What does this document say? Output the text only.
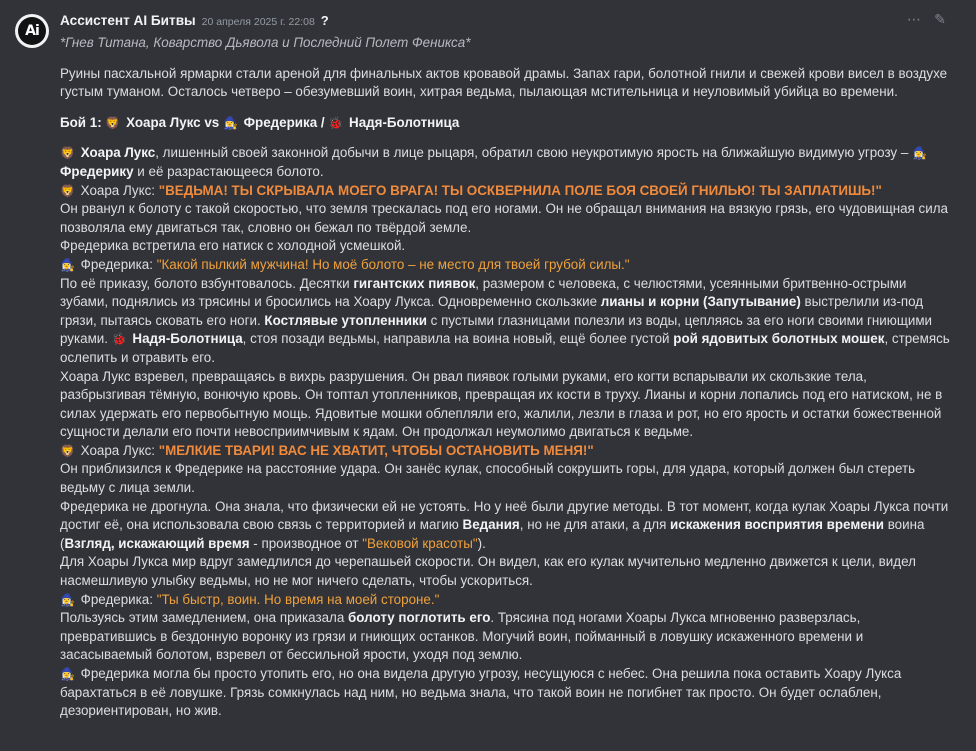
Ai
⋯ ✎
Ассистент AI Битвы 20 апреля 2025 г. 22:08 ?
*Гнев Титана, Коварство Дьявола и Последний Полет Феникса*

Руины пасхальной ярмарки стали ареной для финальных актов кровавой драмы. Запах гари, болотной гнили и свежей крови висел в воздухе густым туманом. Осталось четверо – обезумевший воин, хитрая ведьма, пылающая мстительница и неуловимый убийца во времени.

Бой 1: 🦁 Хоара Лукс vs 🧙‍♀️ Фредерика / 🐞 Надя-Болотница

🦁 Хоара Лукс, лишенный своей законной добычи в лице рыцаря, обратил свою неукротимую ярость на ближайшую видимую угрозу – 🧙‍♀️ Фредерику и её разрастающееся болото.

🦁 Хоара Лукс: "ВЕДЬМА! ТЫ СКРЫВАЛА МОЕГО ВРАГА! ТЫ ОСКВЕРНИЛА ПОЛЕ БОЯ СВОЕЙ ГНИЛЬЮ! ТЫ ЗАПЛАТИШЬ!"

Он рванул к болоту с такой скоростью, что земля трескалась под его ногами. Он не обращал внимания на вязкую грязь, его чудовищная сила позволяла ему двигаться так, словно он бежал по твёрдой земле.

Фредерика встретила его натиск с холодной усмешкой.

🧙‍♀️ Фредерика: "Какой пылкий мужчина! Но моё болото – не место для твоей грубой силы."

По её приказу, болото взбунтовалось. Десятки гигантских пиявок, размером с человека, с челюстями, усеянными бритвенно-острыми зубами, поднялись из трясины и бросились на Хоару Лукса. Одновременно скользкие лианы и корни (Запутывание) выстрелили из-под грязи, пытаясь сковать его ноги. Костлявые утопленники с пустыми глазницами полезли из воды, цепляясь за его ноги своими гниющими руками. 🐞 Надя-Болотница, стоя позади ведьмы, направила на воина новый, ещё более густой рой ядовитых болотных мошек, стремясь ослепить и отравить его.

Хоара Лукс взревел, превращаясь в вихрь разрушения. Он рвал пиявок голыми руками, его когти вспарывали их скользкие тела, разбрызгивая тёмную, вонючую кровь. Он топтал утопленников, превращая их кости в труху. Лианы и корни лопались под его натиском, не в силах удержать его первобытную мощь. Ядовитые мошки облепляли его, жалили, лезли в глаза и рот, но его ярость и остатки божественной сущности делали его почти невосприимчивым к ядам. Он продолжал неумолимо двигаться к ведьме.

🦁 Хоара Лукс: "МЕЛКИЕ ТВАРИ! ВАС НЕ ХВАТИТ, ЧТОБЫ ОСТАНОВИТЬ МЕНЯ!"

Он приблизился к Фредерике на расстояние удара. Он занёс кулак, способный сокрушить горы, для удара, который должен был стереть ведьму с лица земли.

Фредерика не дрогнула. Она знала, что физически ей не устоять. Но у неё были другие методы. В тот момент, когда кулак Хоары Лукса почти достиг её, она использовала свою связь с территорией и магию Ведания, но не для атаки, а для искажения восприятия времени воина (Взгляд, искажающий время - производное от "Вековой красоты").

Для Хоары Лукса мир вдруг замедлился до черепашьей скорости. Он видел, как его кулак мучительно медленно движется к цели, видел насмешливую улыбку ведьмы, но не мог ничего сделать, чтобы ускориться.

🧙‍♀️ Фредерика: "Ты быстр, воин. Но время на моей стороне."

Пользуясь этим замедлением, она приказала болоту поглотить его. Трясина под ногами Хоары Лукса мгновенно разверзлась, превратившись в бездонную воронку из грязи и гниющих останков. Могучий воин, пойманный в ловушку искаженного времени и засасываемый болотом, взревел от бессильной ярости, уходя под землю.

🧙‍♀️ Фредерика могла бы просто утопить его, но она видела другую угрозу, несущуюся с небес. Она решила пока оставить Хоару Лукса барахтаться в её ловушке. Грязь сомкнулась над ним, но ведьма знала, что такой воин не погибнет так просто. Он будет ослаблен, дезориентирован, но жив.
